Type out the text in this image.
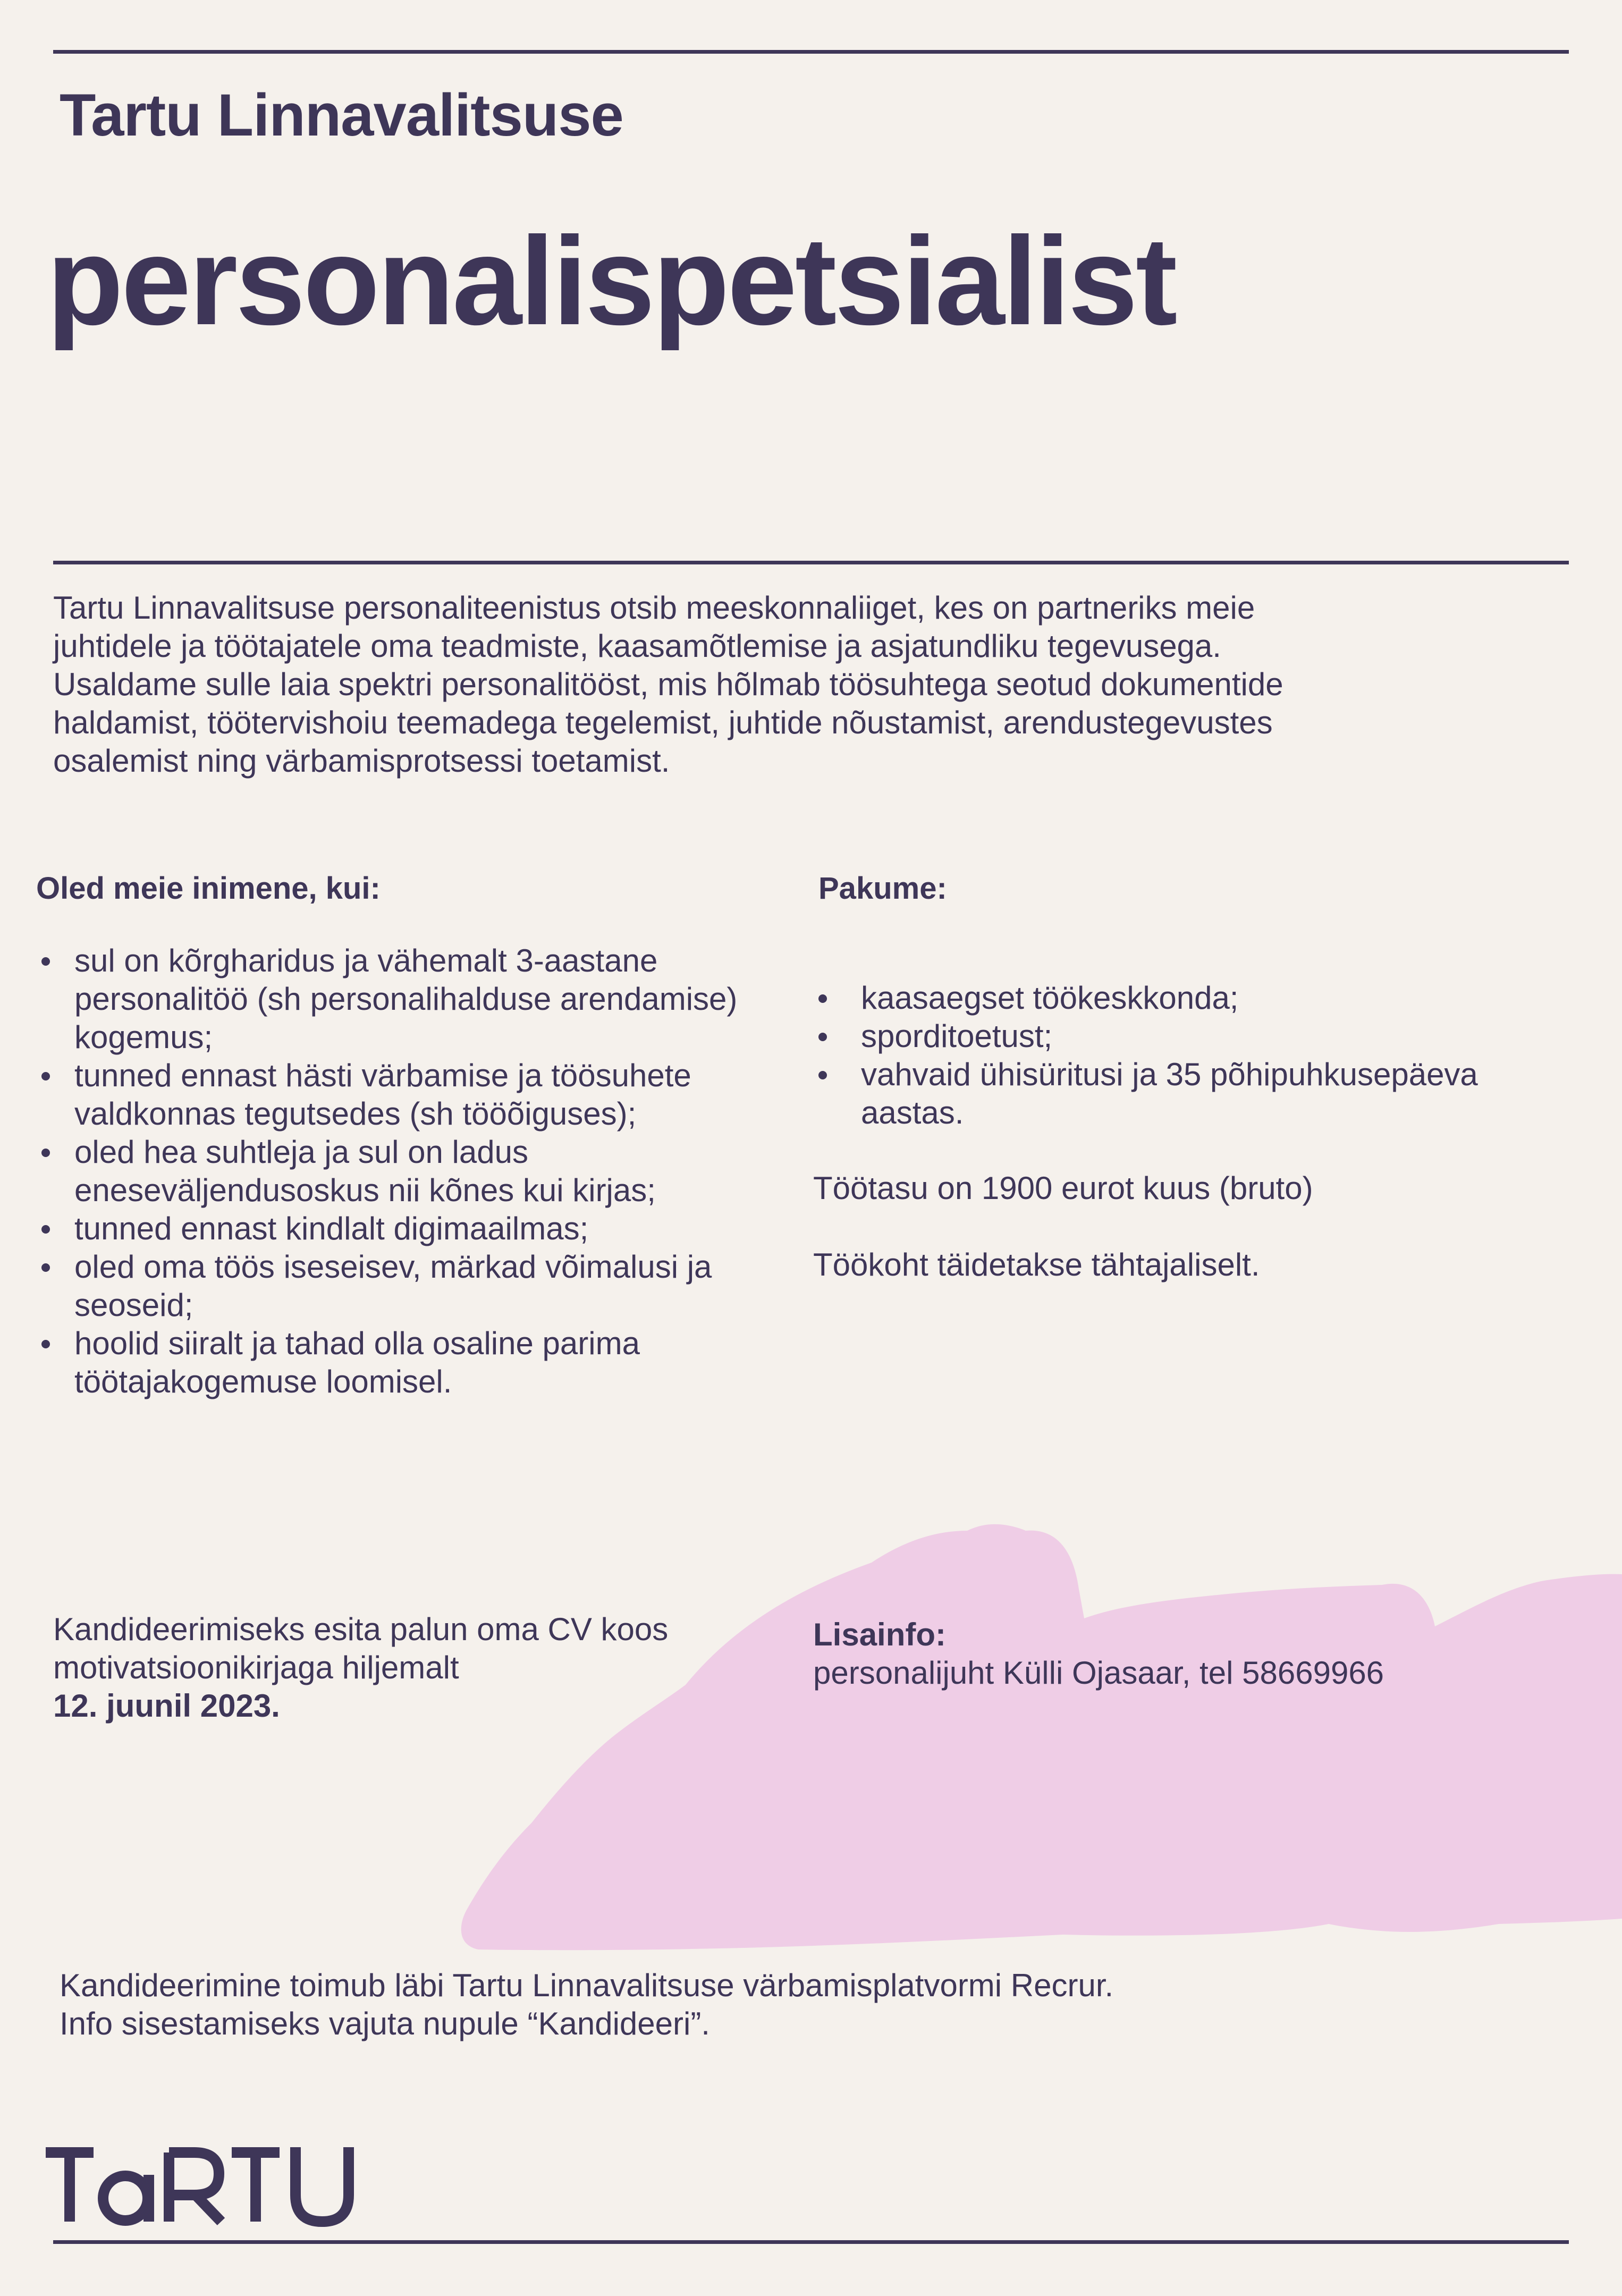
Tartu Linnavalitsuse
personalispetsialist
Tartu Linnavalitsuse personaliteenistus otsib meeskonnaliiget, kes on partneriks meie juhtidele ja töötajatele oma teadmiste, kaasamõtlemise ja asjatundliku tegevusega. Usaldame sulle laia spektri personalitööst, mis hõlmab töösuhtega seotud dokumentide haldamist, töötervishoiu teemadega tegelemist, juhtide nõustamist, arendustegevustes osalemist ning värbamisprotsessi toetamist.
Oled meie inimene, kui:
sul on kõrgharidus ja vähemalt 3-aastane personalitöö (sh personalihalduse arendamise) kogemus;
tunned ennast hästi värbamise ja töösuhete valdkonnas tegutsedes (sh tööõiguses);
oled hea suhtleja ja sul on ladus eneseväljendusoskus nii kõnes kui kirjas;
tunned ennast kindlalt digimaailmas;
oled oma töös iseseisev, märkad võimalusi ja seoseid;
hoolid siiralt ja tahad olla osaline parima töötajakogemuse loomisel.
Pakume:
kaasaegset töökeskkonda;
sporditoetust;
vahvaid ühisüritusi ja 35 põhipuhkusepäeva aastas.
Töötasu on 1900 eurot kuus (bruto)
Töökoht täidetakse tähtajaliselt.
Kandideerimiseks esita palun oma CV koos motivatsioonikirjaga hiljemalt
12. juunil 2023.
Lisainfo:
personalijuht Külli Ojasaar, tel 58669966
Kandideerimine toimub läbi Tartu Linnavalitsuse värbamisplatvormi Recrur.
Info sisestamiseks vajuta nupule “Kandideeri”.
